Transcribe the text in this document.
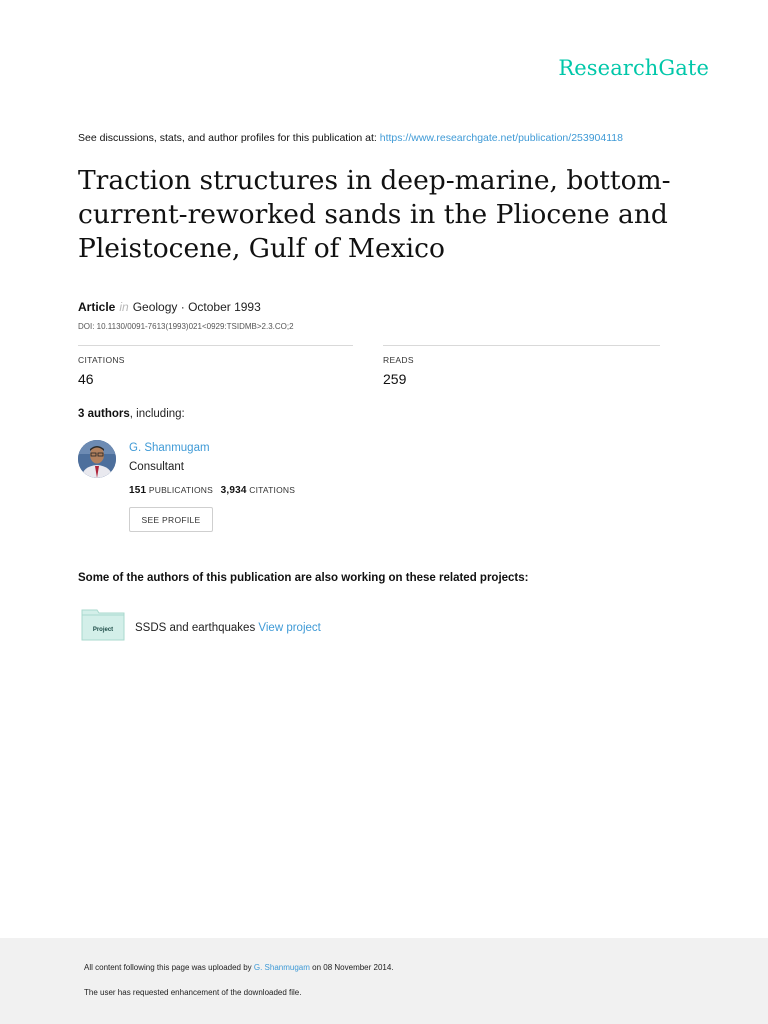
ResearchGate
See discussions, stats, and author profiles for this publication at: https://www.researchgate.net/publication/253904118
Traction structures in deep-marine, bottom-current-reworked sands in the Pliocene and Pleistocene, Gulf of Mexico
Article in Geology · October 1993
DOI: 10.1130/0091-7613(1993)021<0929:TSIDMB>2.3.CO;2
CITATIONS
46
READS
259
3 authors, including:
G. Shanmugam
Consultant
151 PUBLICATIONS 3,934 CITATIONS
SEE PROFILE
Some of the authors of this publication are also working on these related projects:
Project SSDS and earthquakes View project
All content following this page was uploaded by G. Shanmugam on 08 November 2014.
The user has requested enhancement of the downloaded file.
